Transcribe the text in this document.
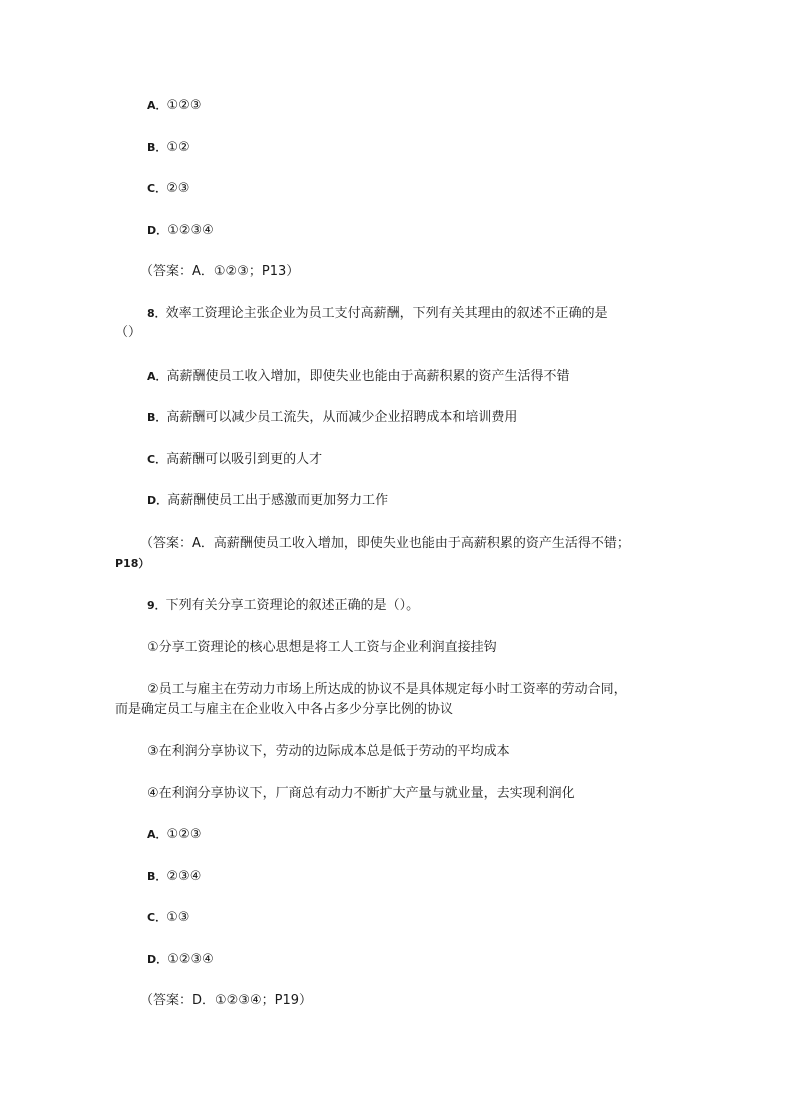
A．①②③
B．①②
C．②③
D．①②③④
（答案：A．①②③；P13）
8．效率工资理论主张企业为员工支付高薪酬，下列有关其理由的叙述不正确的是
（）
A．高薪酬使员工收入增加，即使失业也能由于高薪积累的资产生活得不错
B．高薪酬可以减少员工流失，从而减少企业招聘成本和培训费用
C．高薪酬可以吸引到更的人才
D．高薪酬使员工出于感激而更加努力工作
（答案：A．高薪酬使员工收入增加，即使失业也能由于高薪积累的资产生活得不错；
P18）
9．下列有关分享工资理论的叙述正确的是（）。
①分享工资理论的核心思想是将工人工资与企业利润直接挂钩
②员工与雇主在劳动力市场上所达成的协议不是具体规定每小时工资率的劳动合同，
而是确定员工与雇主在企业收入中各占多少分享比例的协议
③在利润分享协议下，劳动的边际成本总是低于劳动的平均成本
④在利润分享协议下，厂商总有动力不断扩大产量与就业量，去实现利润化
A．①②③
B．②③④
C．①③
D．①②③④
（答案：D．①②③④；P19）
